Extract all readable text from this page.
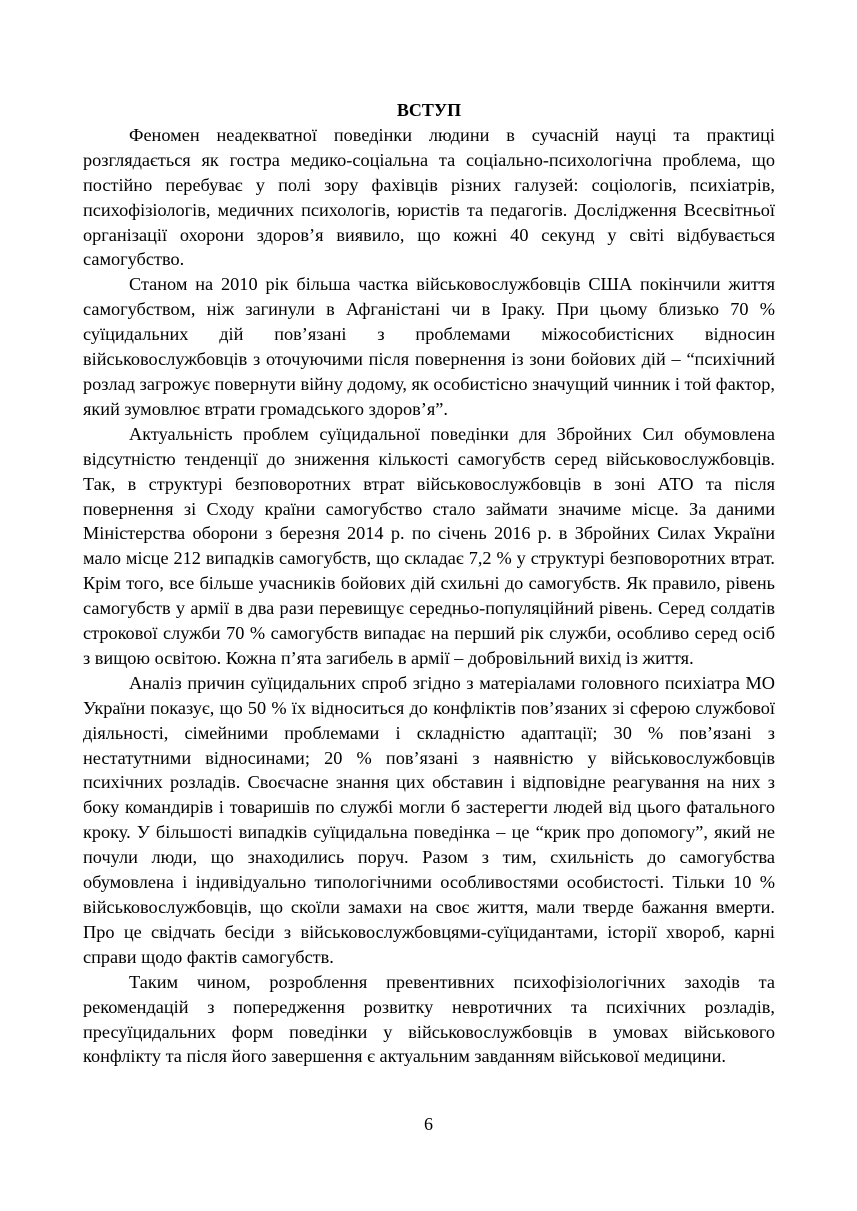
ВСТУП

Феномен неадекватної поведінки людини в сучасній науці та практиці розглядається як гостра медико-соціальна та соціально-психологічна проблема, що постійно перебуває у полі зору фахівців різних галузей: соціологів, психіатрів, психофізіологів, медичних психологів, юристів та педагогів. Дослідження Всесвітньої організації охорони здоров’я виявило, що кожні 40 секунд у світі відбувається самогубство.

Станом на 2010 рік більша частка військовослужбовців США покінчили життя самогубством, ніж загинули в Афганістані чи в Іраку. При цьому близько 70 % суїцидальних дій пов’язані з проблемами міжособистісних відносин військовослужбовців з оточуючими після повернення із зони бойових дій – “психічний розлад загрожує повернути війну додому, як особистісно значущий чинник і той фактор, який зумовлює втрати громадського здоров’я”.

Актуальність проблем суїцидальної поведінки для Збройних Сил обумовлена відсутністю тенденції до зниження кількості самогубств серед військовослужбовців. Так, в структурі безповоротних втрат військовослужбовців в зоні АТО та після повернення зі Сходу країни самогубство стало займати значиме місце. За даними Міністерства оборони з березня 2014 р. по січень 2016 р. в Збройних Силах України мало місце 212 випадків самогубств, що складає 7,2 % у структурі безповоротних втрат. Крім того, все більше учасників бойових дій схильні до самогубств. Як правило, рівень самогубств у армії в два рази перевищує середньо-популяційний рівень. Серед солдатів строкової служби 70 % самогубств випадає на перший рік служби, особливо серед осіб з вищою освітою. Кожна п’ята загибель в армії – добровільний вихід із життя.

Аналіз причин суїцидальних спроб згідно з матеріалами головного психіатра МО України показує, що 50 % їх відноситься до конфліктів пов’язаних зі сферою службової діяльності, сімейними проблемами і складністю адаптації; 30 % пов’язані з нестатутними відносинами; 20 % пов’язані з наявністю у військовослужбовців психічних розладів. Своєчасне знання цих обставин і відповідне реагування на них з боку командирів і товаришів по службі могли б застерегти людей від цього фатального кроку. У більшості випадків суїцидальна поведінка – це “крик про допомогу”, який не почули люди, що знаходились поруч. Разом з тим, схильність до самогубства обумовлена і індивідуально типологічними особливостями особистості. Тільки 10 % військовослужбовців, що скоїли замахи на своє життя, мали тверде бажання вмерти. Про це свідчать бесіди з військовослужбовцями-суїцидантами, історії хвороб, карні справи щодо фактів самогубств.

Таким чином, розроблення превентивних психофізіологічних заходів та рекомендацій з попередження розвитку невротичних та психічних розладів, пресуїцидальних форм поведінки у військовослужбовців в умовах військового конфлікту та після його завершення є актуальним завданням військової медицини.

6
